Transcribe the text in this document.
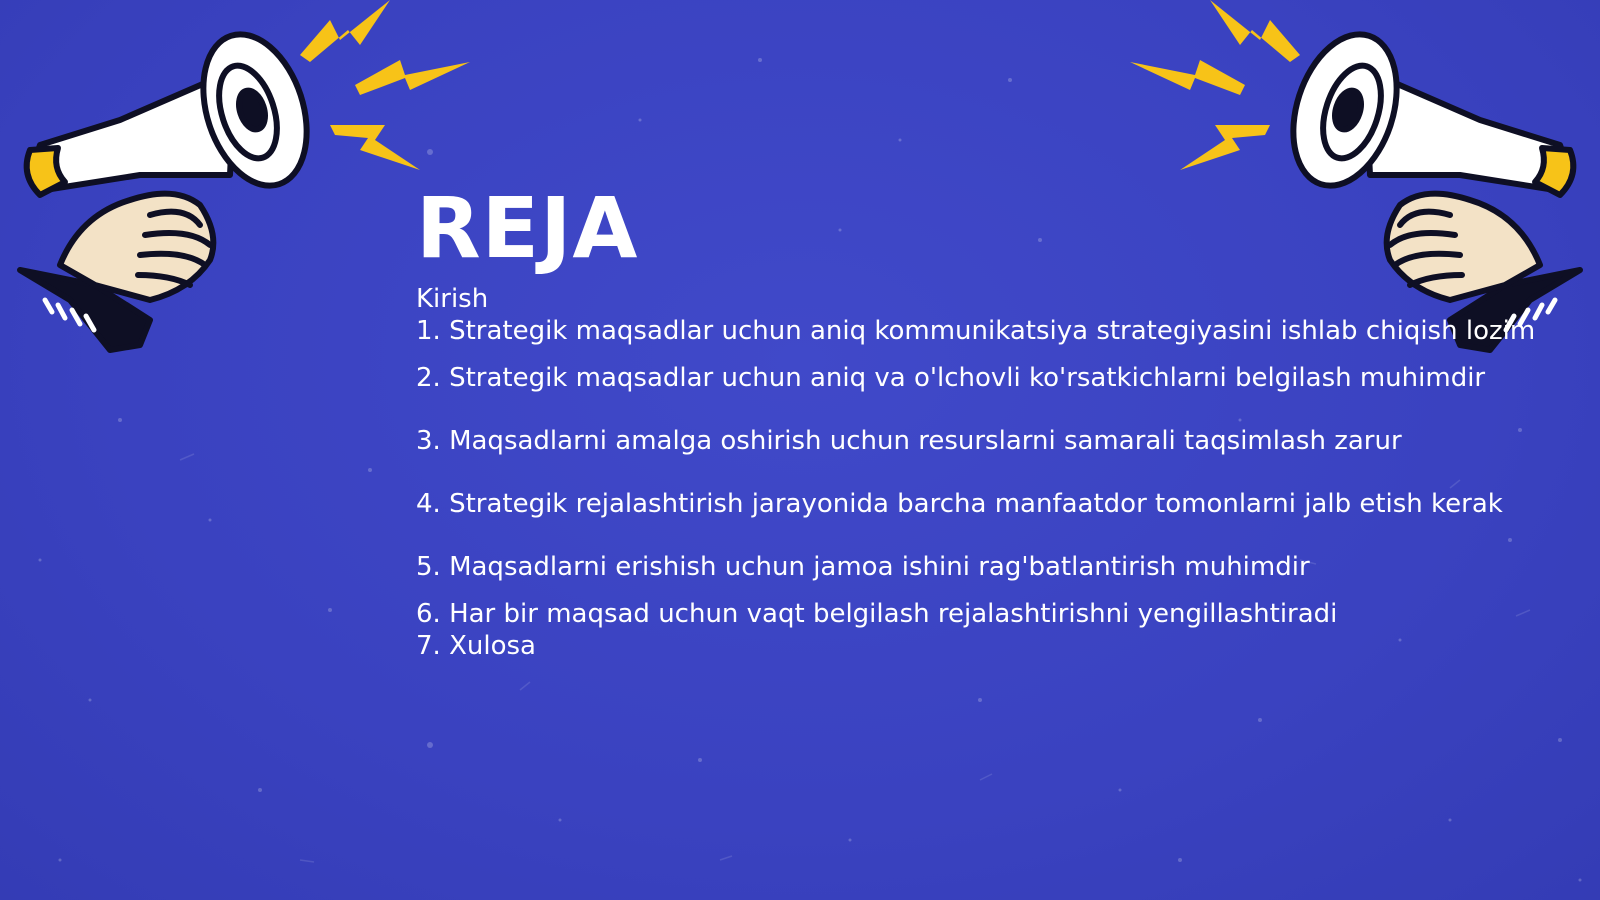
REJA

Kirish

1. Strategik maqsadlar uchun aniq kommunikatsiya strategiyasini ishlab chiqish lozim

2. Strategik maqsadlar uchun aniq va o'lchovli ko'rsatkichlarni belgilash muhimdir

3. Maqsadlarni amalga oshirish uchun resurslarni samarali taqsimlash zarur

4. Strategik rejalashtirish jarayonida barcha manfaatdor tomonlarni jalb etish kerak

5. Maqsadlarni erishish uchun jamoa ishini rag'batlantirish muhimdir

6. Har bir maqsad uchun vaqt belgilash rejalashtirishni yengillashtiradi

7. Xulosa
